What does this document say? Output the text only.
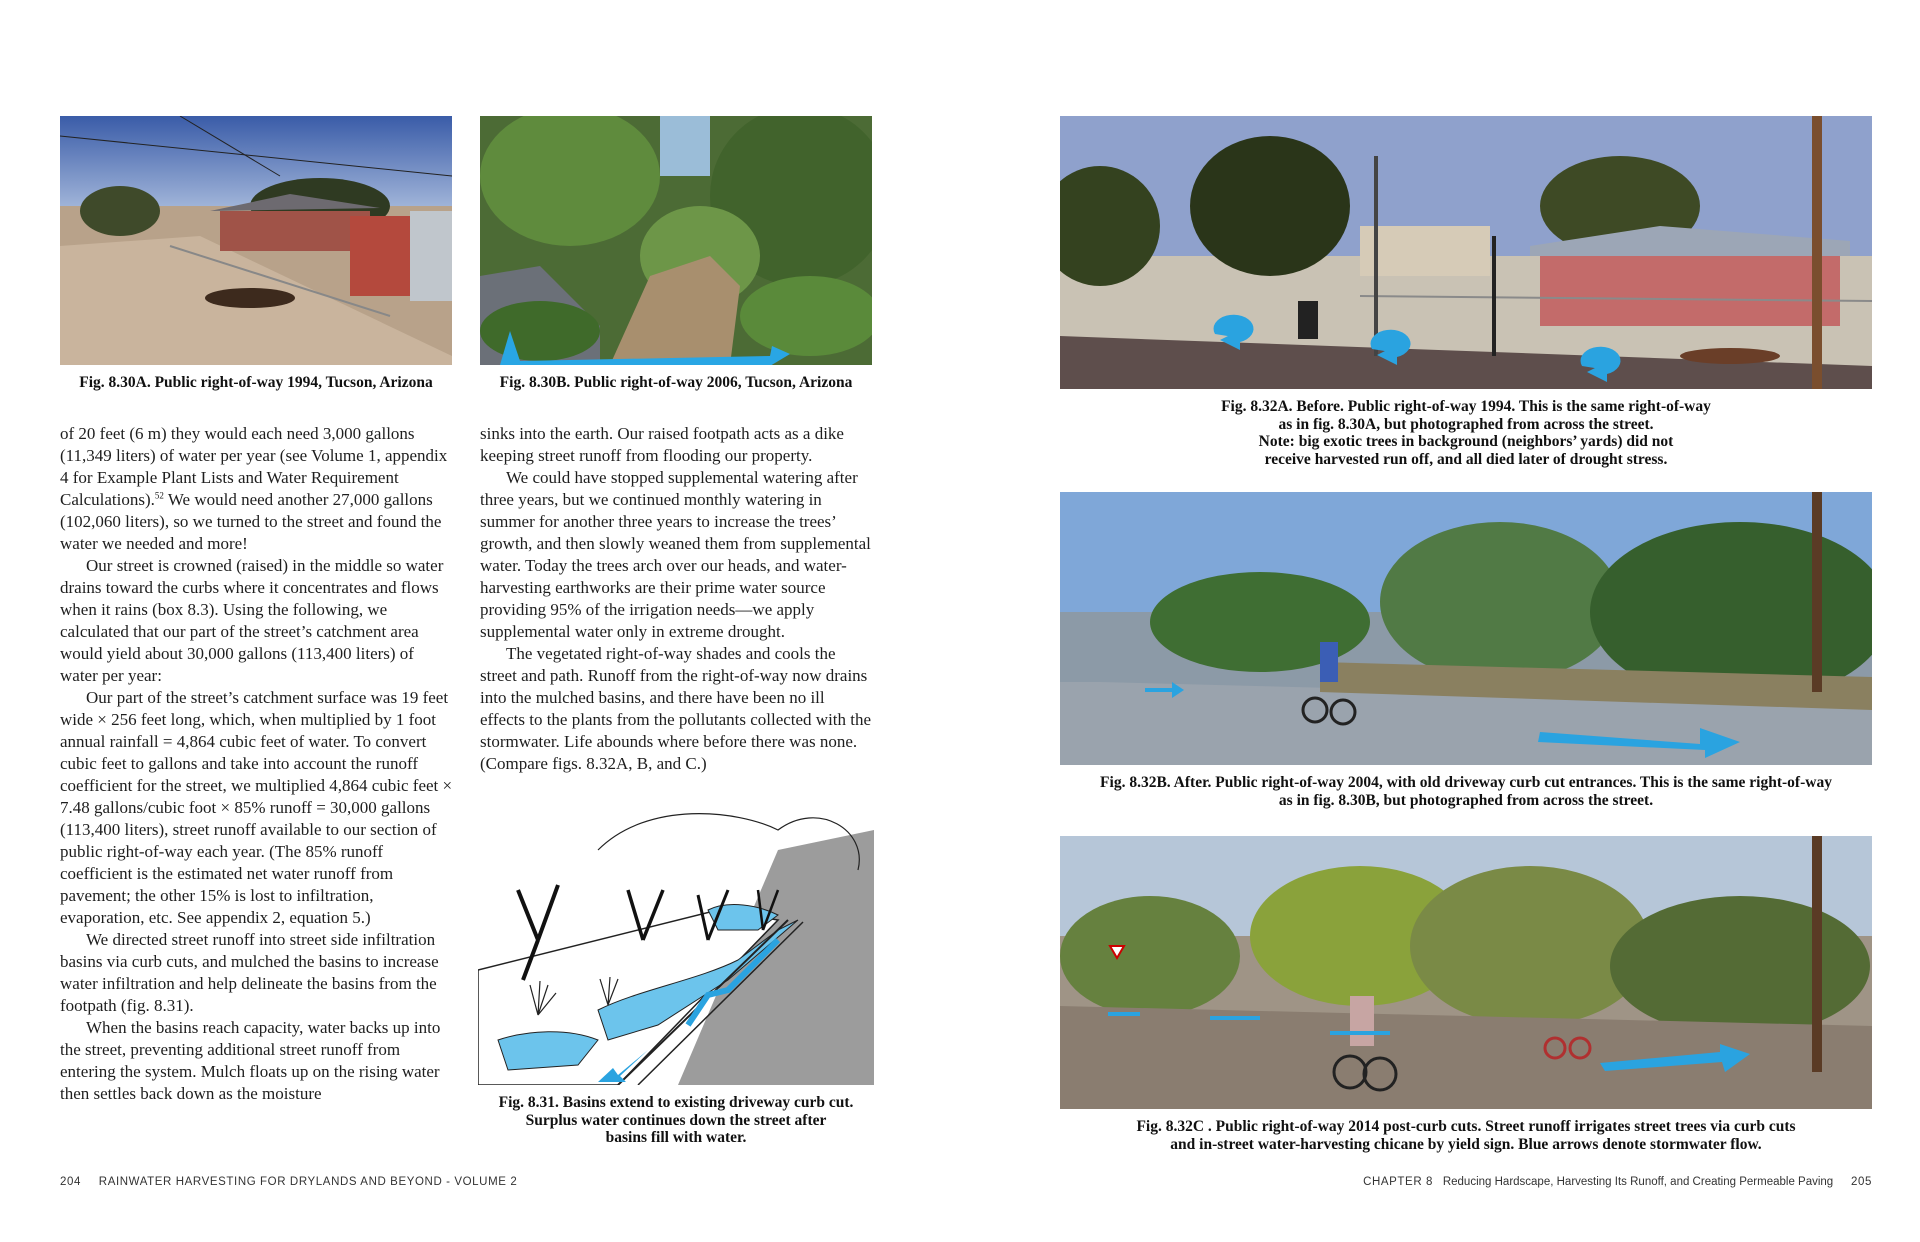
Fig. 8.30A. Public right-of-way 1994, Tucson, Arizona	Fig. 8.30B. Public right-of-way 2006, Tucson, Arizona

of 20 feet (6 m) they would each need 3,000 gallons (11,349 liters) of water per year (see Volume 1, appendix 4 for Example Plant Lists and Water Requirement Calculations).$^{52}$ We would need another 27,000 gallons (102,060 liters), so we turned to the street and found the water we needed and more!

Our street is crowned (raised) in the middle so water drains toward the curbs where it concentrates and flows when it rains (box 8.3). Using the following, we calculated that our part of the street’s catchment area would yield about 30,000 gallons (113,400 liters) of water per year:

Our part of the street’s catchment surface was 19 feet wide × 256 feet long, which, when multiplied by 1 foot annual rainfall = 4,864 cubic feet of water. To convert cubic feet to gallons and take into account the runoff coefficient for the street, we multiplied 4,864 cubic feet × 7.48 gallons/cubic foot × 85% runoff = 30,000 gallons (113,400 liters), street runoff available to our section of public right-of-way each year. (The 85% runoff coefficient is the estimated net water runoff from pavement; the other 15% is lost to infiltration, evaporation, etc. See appendix 2, equation 5.)

We directed street runoff into street side infiltration basins via curb cuts, and mulched the basins to increase water infiltration and help delineate the basins from the footpath (fig. 8.31).

When the basins reach capacity, water backs up into the street, preventing additional street runoff from entering the system. Mulch floats up on the rising water then settles back down as the moisture

sinks into the earth. Our raised footpath acts as a dike keeping street runoff from flooding our property.

We could have stopped supplemental watering after three years, but we continued monthly watering in summer for another three years to increase the trees’ growth, and then slowly weaned them from supplemental water. Today the trees arch over our heads, and water-harvesting earthworks are their prime water source providing 95% of the irrigation needs—we apply supplemental water only in extreme drought.

The vegetated right-of-way shades and cools the street and path. Runoff from the right-of-way now drains into the mulched basins, and there have been no ill effects to the plants from the pollutants collected with the stormwater. Life abounds where before there was none. (Compare figs. 8.32A, B, and C.)

Fig. 8.31. Basins extend to existing driveway curb cut.
Surplus water continues down the street after
basins fill with water.
204 RAINWATER HARVESTING FOR DRYLANDS AND BEYOND - VOLUME 2
Fig. 8.32A. Before. Public right-of-way 1994. This is the same right-of-way
as in fig. 8.30A, but photographed from across the street.
Note: big exotic trees in background (neighbors’ yards) did not
receive harvested run off, and all died later of drought stress.
Fig. 8.32B. After. Public right-of-way 2004, with old driveway curb cut entrances. This is the same right-of-way
as in fig. 8.30B, but photographed from across the street.
Fig. 8.32C . Public right-of-way 2014 post-curb cuts. Street runoff irrigates street trees via curb cuts
and in-street water-harvesting chicane by yield sign. Blue arrows denote stormwater flow.
CHAPTER 8 Reducing Hardscape, Harvesting Its Runoff, and Creating Permeable Paving 205
